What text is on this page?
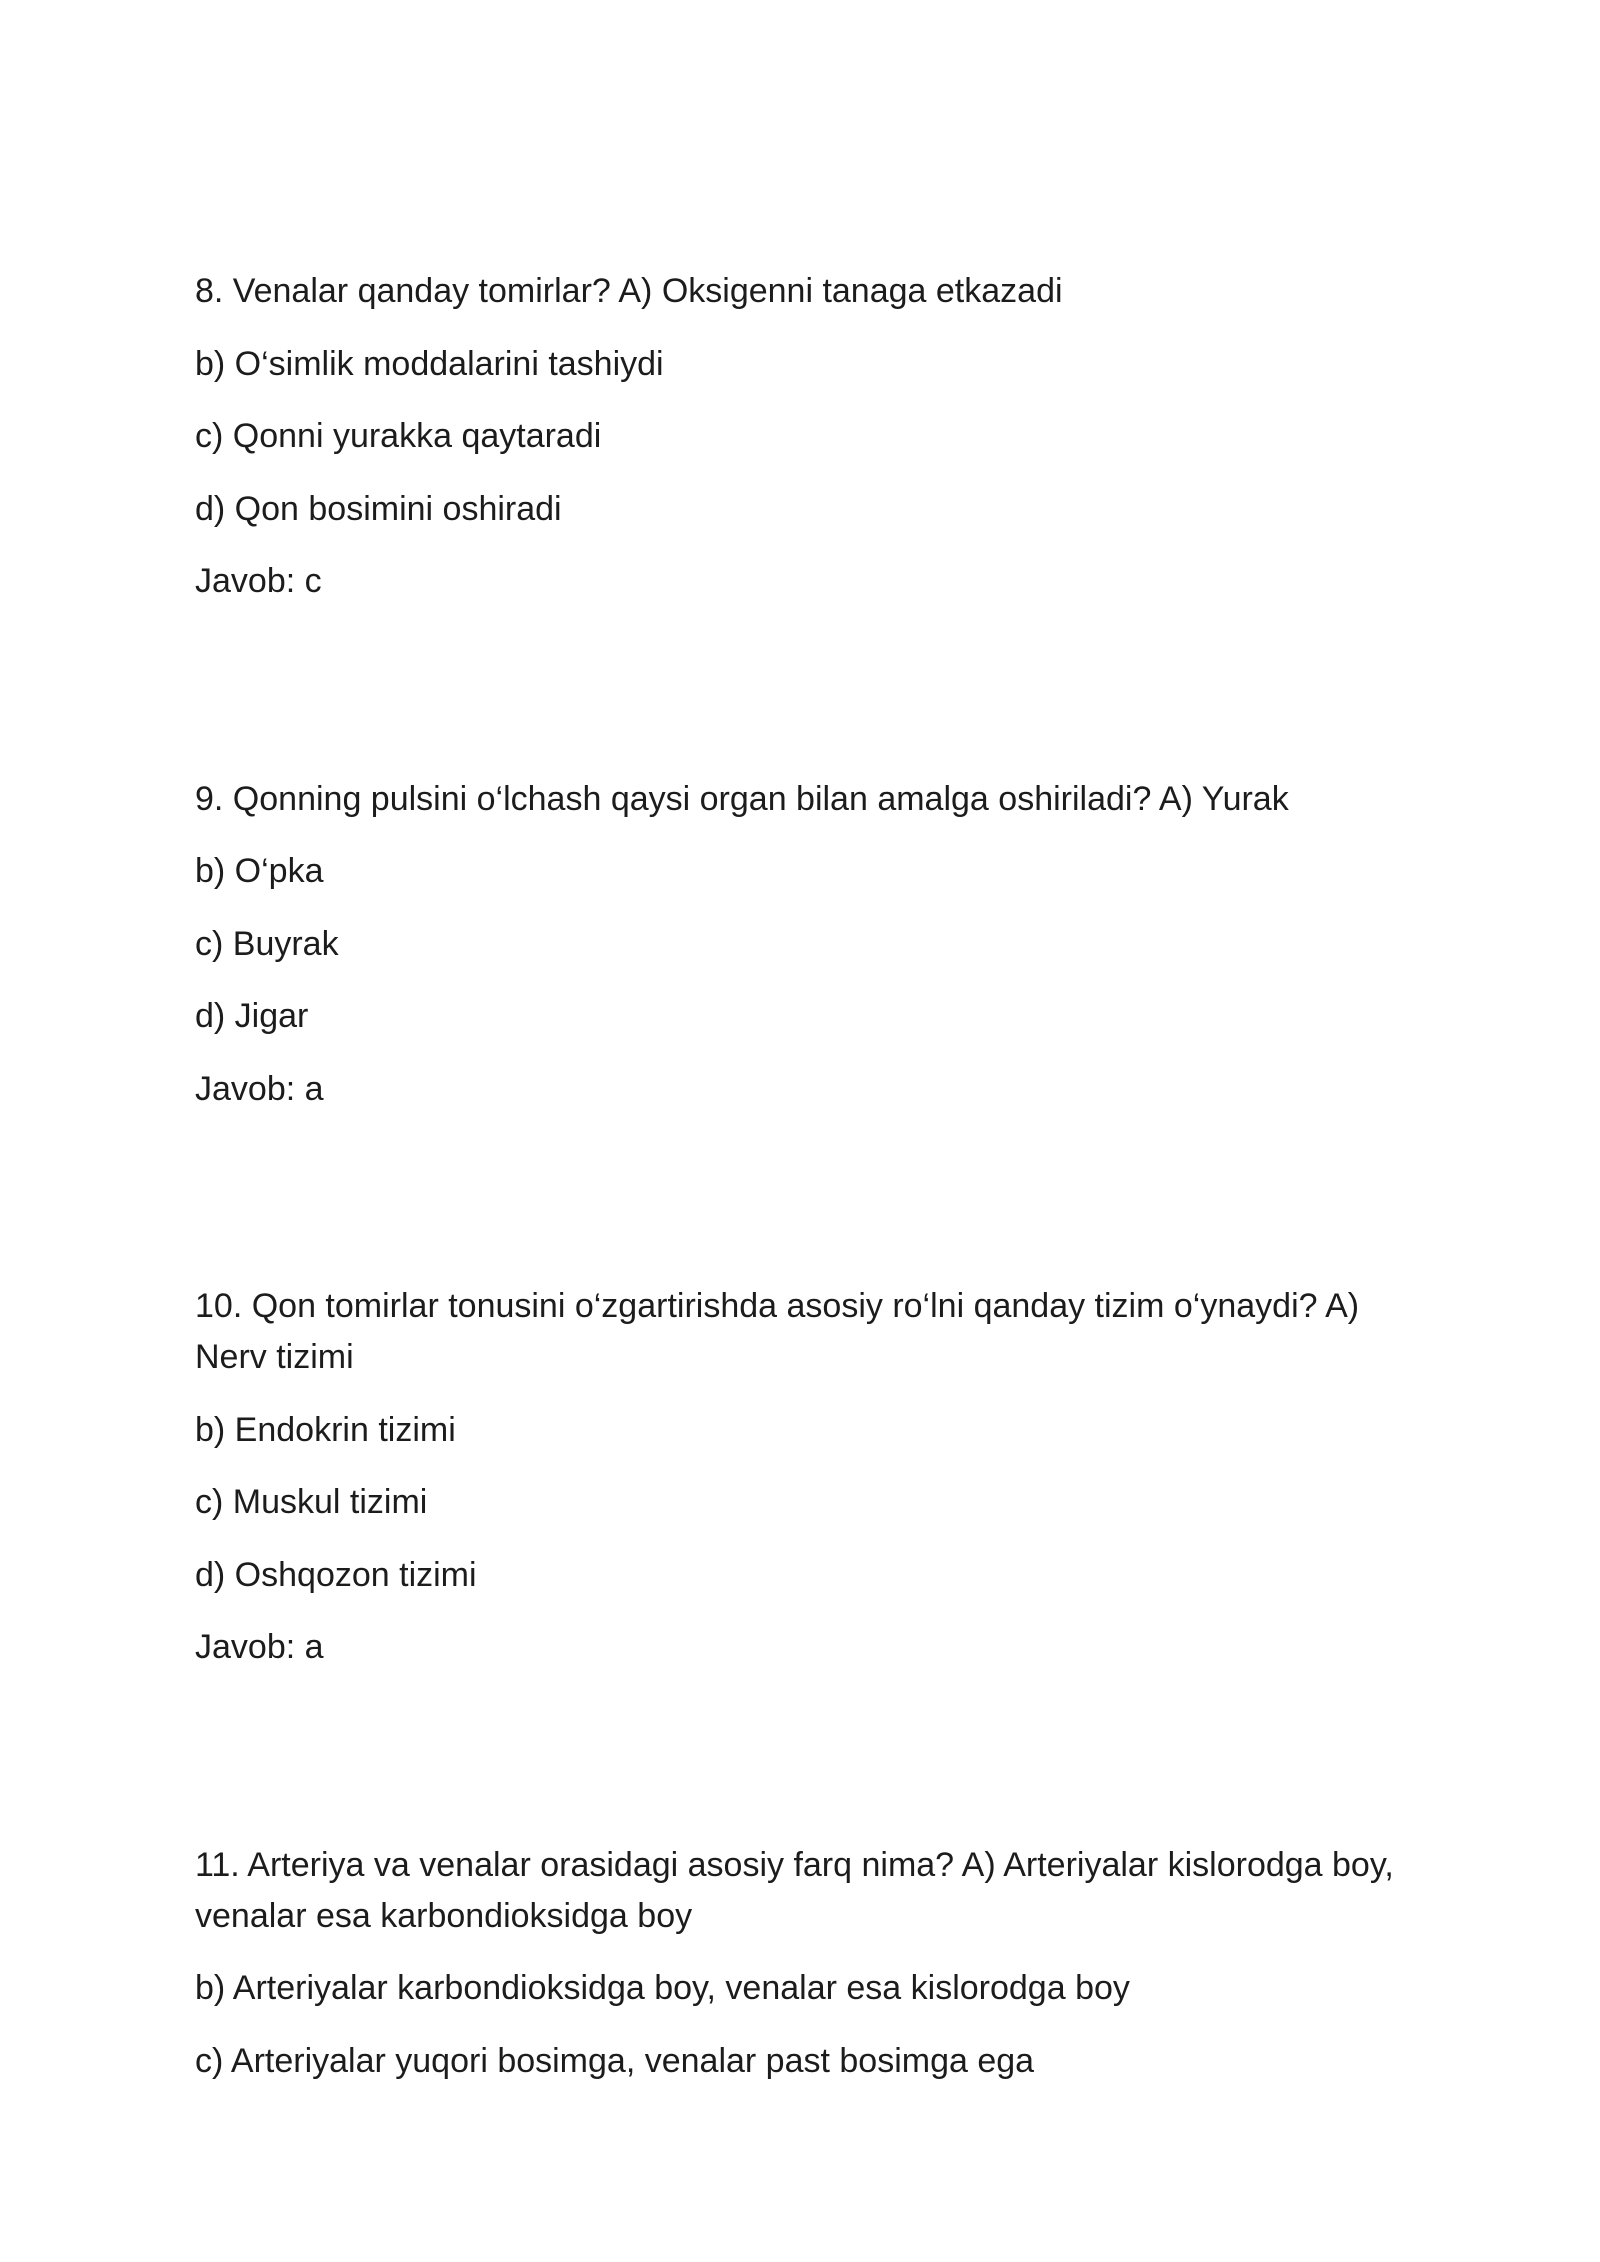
8. Venalar qanday tomirlar? A) Oksigenni tanaga etkazadi

b) O‘simlik moddalarini tashiydi

c) Qonni yurakka qaytaradi

d) Qon bosimini oshiradi

Javob: c

9. Qonning pulsini o‘lchash qaysi organ bilan amalga oshiriladi? A) Yurak

b) O‘pka

c) Buyrak

d) Jigar

Javob: a

10. Qon tomirlar tonusini o‘zgartirishda asosiy ro‘lni qanday tizim o‘ynaydi? A) Nerv tizimi

b) Endokrin tizimi

c) Muskul tizimi

d) Oshqozon tizimi

Javob: a

11. Arteriya va venalar orasidagi asosiy farq nima? A) Arteriyalar kislorodga boy, venalar esa karbondioksidga boy

b) Arteriyalar karbondioksidga boy, venalar esa kislorodga boy

c) Arteriyalar yuqori bosimga, venalar past bosimga ega
